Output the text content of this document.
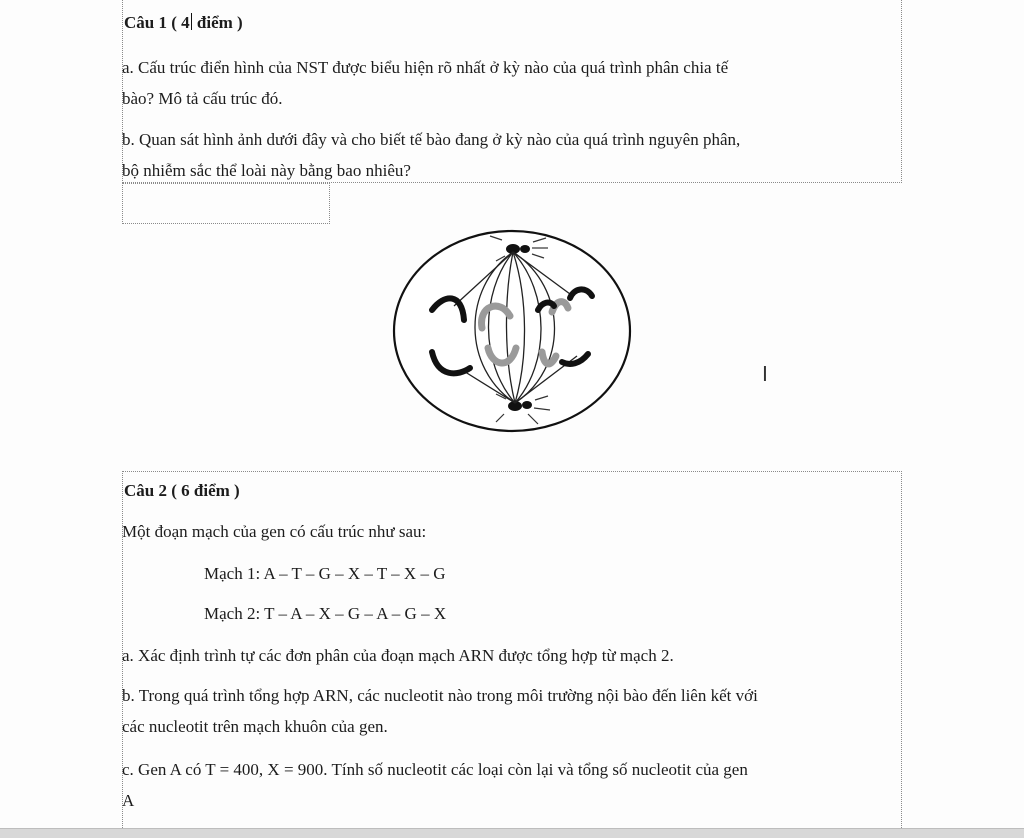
Câu 1 ( 4 điểm )
a. Cấu trúc điển hình của NST được biểu hiện rõ nhất ở kỳ nào của quá trình phân chia tế
bào? Mô tả cấu trúc đó.
b. Quan sát hình ảnh dưới đây và cho biết tế bào đang ở kỳ nào của quá trình nguyên phân,
bộ nhiễm sắc thể loài này bằng bao nhiêu?
I
Câu 2 ( 6 điểm )
Một đoạn mạch của gen có cấu trúc như sau:
Mạch 1: A – T – G – X – T – X – G
Mạch 2: T – A – X – G – A – G – X
a. Xác định trình tự các đơn phân của đoạn mạch ARN được tổng hợp từ mạch 2.
b. Trong quá trình tổng hợp ARN, các nucleotit nào trong môi trường nội bào đến liên kết với
các nucleotit trên mạch khuôn của gen.
c. Gen A có T = 400, X = 900. Tính số nucleotit các loại còn lại và tổng số nucleotit của gen
A
